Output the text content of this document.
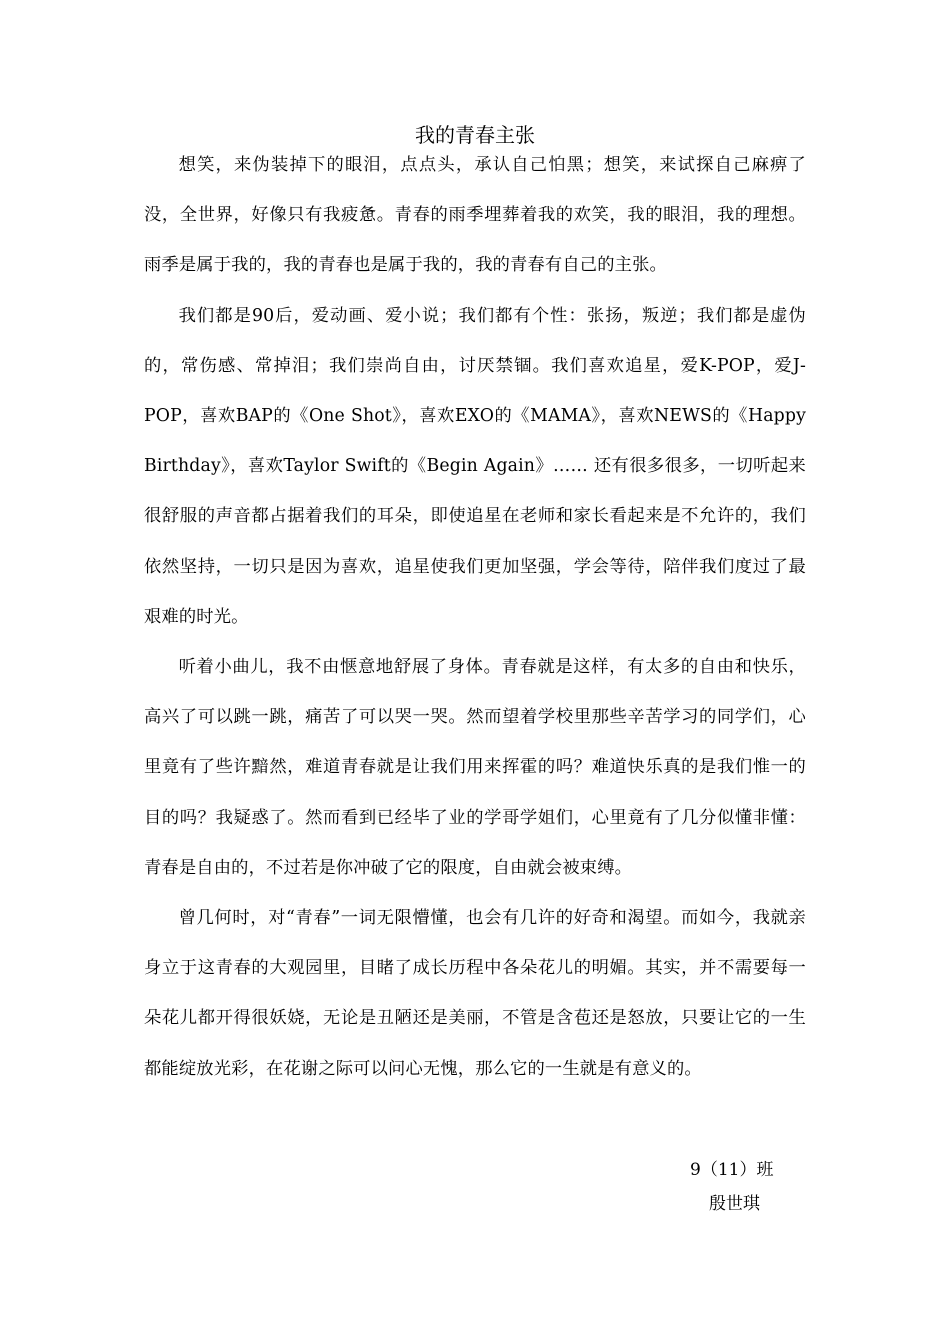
我的青春主张

想笑，来伪装掉下的眼泪，点点头，承认自己怕黑；想笑，来试探自己麻痹了没，全世界，好像只有我疲惫。青春的雨季埋葬着我的欢笑，我的眼泪，我的理想。雨季是属于我的，我的青春也是属于我的，我的青春有自己的主张。

我们都是90后，爱动画、爱小说；我们都有个性：张扬，叛逆；我们都是虚伪的，常伤感、常掉泪；我们崇尚自由，讨厌禁锢。我们喜欢追星，爱K-POP，爱J-POP，喜欢BAP的《One Shot》，喜欢EXO的《MAMA》，喜欢NEWS的《Happy Birthday》，喜欢Taylor Swift的《Begin Again》…… 还有很多很多，一切听起来很舒服的声音都占据着我们的耳朵，即使追星在老师和家长看起来是不允许的，我们依然坚持，一切只是因为喜欢，追星使我们更加坚强，学会等待，陪伴我们度过了最艰难的时光。

听着小曲儿，我不由惬意地舒展了身体。青春就是这样，有太多的自由和快乐，高兴了可以跳一跳，痛苦了可以哭一哭。然而望着学校里那些辛苦学习的同学们，心里竟有了些许黯然，难道青春就是让我们用来挥霍的吗？难道快乐真的是我们惟一的目的吗？我疑惑了。然而看到已经毕了业的学哥学姐们，心里竟有了几分似懂非懂：青春是自由的，不过若是你冲破了它的限度，自由就会被束缚。

曾几何时，对“青春”一词无限懵懂，也会有几许的好奇和渴望。而如今，我就亲身立于这青春的大观园里，目睹了成长历程中各朵花儿的明媚。其实，并不需要每一朵花儿都开得很妖娆，无论是丑陋还是美丽，不管是含苞还是怒放，只要让它的一生都能绽放光彩，在花谢之际可以问心无愧，那么它的一生就是有意义的。

9（11）班
殷世琪
